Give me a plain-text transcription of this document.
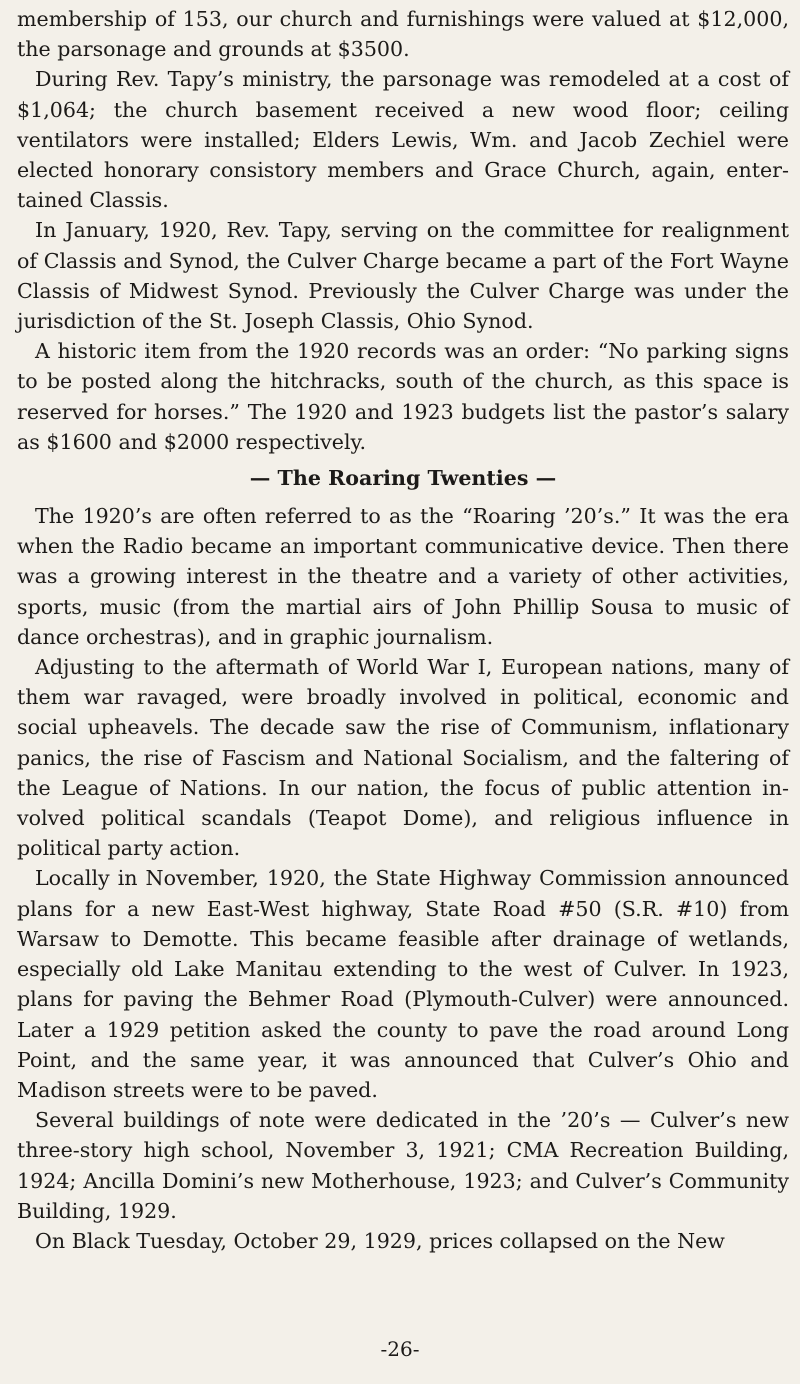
membership of 153, our church and furnishings were valued at $12,000, the parsonage and grounds at $3500.

During Rev. Tapy’s ministry, the parsonage was remodeled at a cost of $1,064; the church basement received a new wood floor; ceiling ventilators were installed; Elders Lewis, Wm. and Jacob Zechiel were elected honorary consistory members and Grace Church, again, entertained Classis.

In January, 1920, Rev. Tapy, serving on the committee for realignment of Classis and Synod, the Culver Charge became a part of the Fort Wayne Classis of Midwest Synod. Previously the Culver Charge was under the jurisdiction of the St. Joseph Classis, Ohio Synod.

A historic item from the 1920 records was an order: “No parking signs to be posted along the hitchracks, south of the church, as this space is reserved for horses.” The 1920 and 1923 budgets list the pastor’s salary as $1600 and $2000 respectively.

— The Roaring Twenties —

The 1920’s are often referred to as the “Roaring ’20’s.” It was the era when the Radio became an important communicative device. Then there was a growing interest in the theatre and a variety of other activities, sports, music (from the martial airs of John Phillip Sousa to music of dance orchestras), and in graphic journalism.

Adjusting to the aftermath of World War I, European nations, many of them war ravaged, were broadly involved in political, economic and social upheavels. The decade saw the rise of Communism, inflationary panics, the rise of Fascism and National Socialism, and the faltering of the League of Nations. In our nation, the focus of public attention involved political scandals (Teapot Dome), and religious influence in political party action.

Locally in November, 1920, the State Highway Commission announced plans for a new East-West highway, State Road #50 (S.R. #10) from Warsaw to Demotte. This became feasible after drainage of wetlands, especially old Lake Manitau extending to the west of Culver. In 1923, plans for paving the Behmer Road (Plymouth-Culver) were announced. Later a 1929 petition asked the county to pave the road around Long Point, and the same year, it was announced that Culver’s Ohio and Madison streets were to be paved.

Several buildings of note were dedicated in the ’20’s — Culver’s new three-story high school, November 3, 1921; CMA Recreation Building, 1924; Ancilla Domini’s new Motherhouse, 1923; and Culver’s Community Building, 1929.

On Black Tuesday, October 29, 1929, prices collapsed on the New

-26-
